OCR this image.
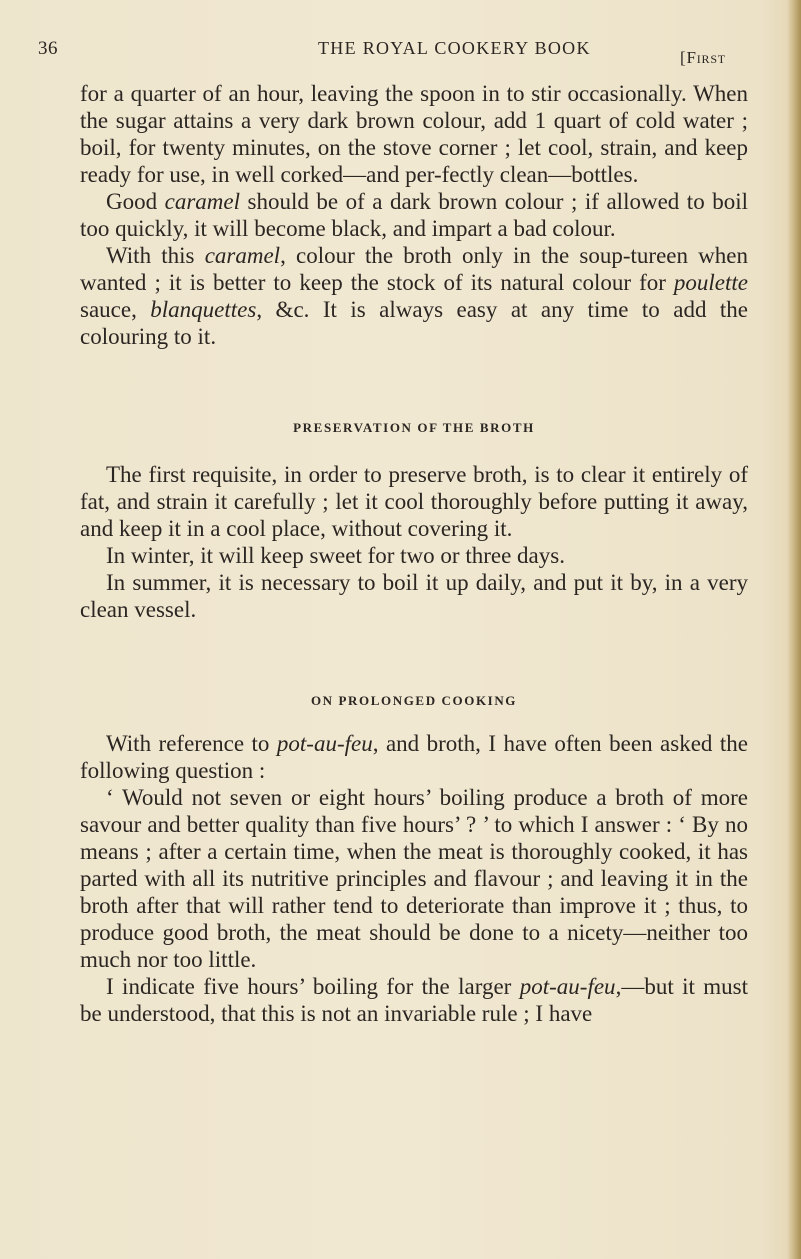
36	THE ROYAL COOKERY BOOK	[First

for a quarter of an hour, leaving the spoon in to stir occasionally. When the sugar attains a very dark brown colour, add 1 quart of cold water ; boil, for twenty minutes, on the stove corner ; let cool, strain, and keep ready for use, in well corked—and per-fectly clean—bottles.

Good caramel should be of a dark brown colour ; if allowed to boil too quickly, it will become black, and impart a bad colour.

With this caramel, colour the broth only in the soup-tureen when wanted ; it is better to keep the stock of its natural colour for poulette sauce, blanquettes, &c. It is always easy at any time to add the colouring to it.

PRESERVATION OF THE BROTH

The first requisite, in order to preserve broth, is to clear it entirely of fat, and strain it carefully ; let it cool thoroughly before putting it away, and keep it in a cool place, without covering it.

In winter, it will keep sweet for two or three days.

In summer, it is necessary to boil it up daily, and put it by, in a very clean vessel.

ON PROLONGED COOKING

With reference to pot-au-feu, and broth, I have often been asked the following question :

‘ Would not seven or eight hours’ boiling produce a broth of more savour and better quality than five hours’ ? ’ to which I answer : ‘ By no means ; after a certain time, when the meat is thoroughly cooked, it has parted with all its nutritive principles and flavour ; and leaving it in the broth after that will rather tend to deteriorate than improve it ; thus, to produce good broth, the meat should be done to a nicety—neither too much nor too little.

I indicate five hours’ boiling for the larger pot-au-feu,—but it must be understood, that this is not an invariable rule ; I have
